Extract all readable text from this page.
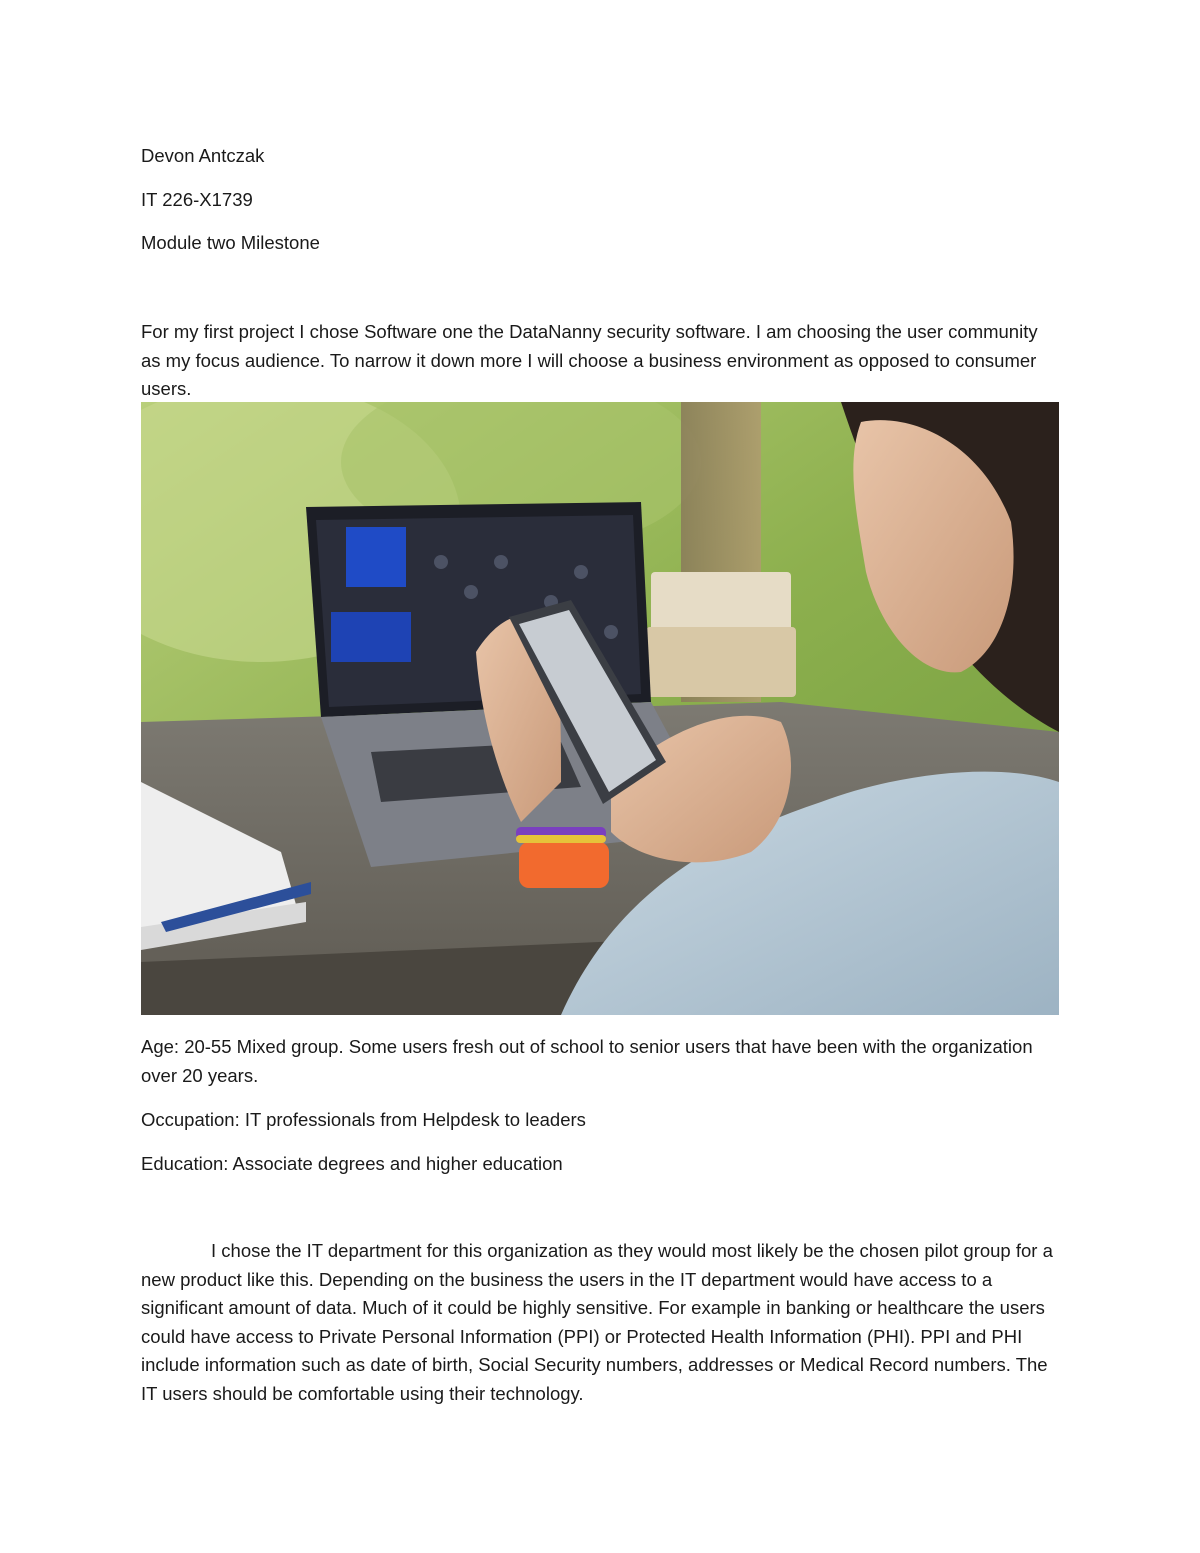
Devon Antczak
IT 226-X1739
Module two Milestone
For my first project I chose Software one the DataNanny security software. I am choosing the user community as my focus audience. To narrow it down more I will choose a business environment as opposed to consumer users.
Age: 20-55 Mixed group. Some users fresh out of school to senior users that have been with the organization over 20 years.
Occupation: IT professionals from Helpdesk to leaders
Education: Associate degrees and higher education
I chose the IT department for this organization as they would most likely be the chosen pilot group for a new product like this. Depending on the business the users in the IT department would have access to a significant amount of data. Much of it could be highly sensitive. For example in banking or healthcare the users could have access to Private Personal Information (PPI) or Protected Health Information (PHI). PPI and PHI include information such as date of birth, Social Security numbers, addresses or Medical Record numbers. The IT users should be comfortable using their technology.
